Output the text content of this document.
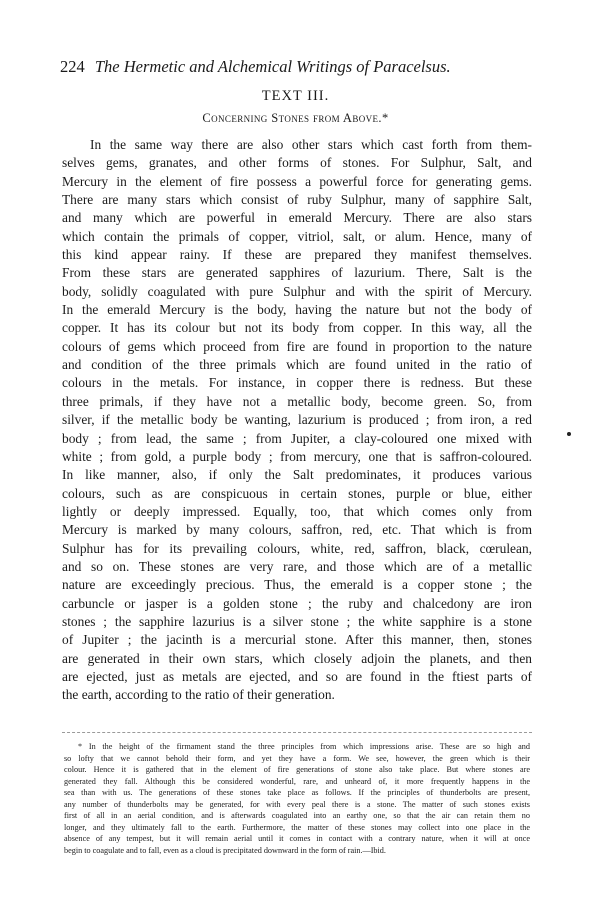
224 The Hermetic and Alchemical Writings of Paracelsus.
TEXT III.
Concerning Stones from Above.*
In the same way there are also other stars which cast forth from them-
selves gems, granates, and other forms of stones. For Sulphur, Salt, and
Mercury in the element of fire possess a powerful force for generating gems.
There are many stars which consist of ruby Sulphur, many of sapphire Salt,
and many which are powerful in emerald Mercury. There are also stars
which contain the primals of copper, vitriol, salt, or alum. Hence, many of
this kind appear rainy. If these are prepared they manifest themselves.
From these stars are generated sapphires of lazurium. There, Salt is the
body, solidly coagulated with pure Sulphur and with the spirit of Mercury.
In the emerald Mercury is the body, having the nature but not the body of
copper. It has its colour but not its body from copper. In this way, all the
colours of gems which proceed from fire are found in proportion to the nature
and condition of the three primals which are found united in the ratio of
colours in the metals. For instance, in copper there is redness. But these
three primals, if they have not a metallic body, become green. So, from
silver, if the metallic body be wanting, lazurium is produced ; from iron, a red
body ; from lead, the same ; from Jupiter, a clay-coloured one mixed with
white ; from gold, a purple body ; from mercury, one that is saffron-coloured.
In like manner, also, if only the Salt predominates, it produces various
colours, such as are conspicuous in certain stones, purple or blue, either
lightly or deeply impressed. Equally, too, that which comes only from
Mercury is marked by many colours, saffron, red, etc. That which is from
Sulphur has for its prevailing colours, white, red, saffron, black, cœrulean,
and so on. These stones are very rare, and those which are of a metallic
nature are exceedingly precious. Thus, the emerald is a copper stone ; the
carbuncle or jasper is a golden stone ; the ruby and chalcedony are iron
stones ; the sapphire lazurius is a silver stone ; the white sapphire is a stone
of Jupiter ; the jacinth is a mercurial stone. After this manner, then, stones
are generated in their own stars, which closely adjoin the planets, and then
are ejected, just as metals are ejected, and so are found in the ftiest parts of
the earth, according to the ratio of their generation.
* In the height of the firmament stand the three principles from which impressions arise. These are so high and
so lofty that we cannot behold their form, and yet they have a form. We see, however, the green which is their
colour. Hence it is gathered that in the element of fire generations of stone also take place. But where stones are
generated they fall. Although this be considered wonderful, rare, and unheard of, it more frequently happens in the
sea than with us. The generations of these stones take place as follows. If the principles of thunderbolts are present,
any number of thunderbolts may be generated, for with every peal there is a stone. The matter of such stones exists
first of all in an aerial condition, and is afterwards coagulated into an earthy one, so that the air can retain them no
longer, and they ultimately fall to the earth. Furthermore, the matter of these stones may collect into one place in the
absence of any tempest, but it will remain aerial until it comes in contact with a contrary nature, when it will at once
begin to coagulate and to fall, even as a cloud is precipitated downward in the form of rain.—Ibid.
